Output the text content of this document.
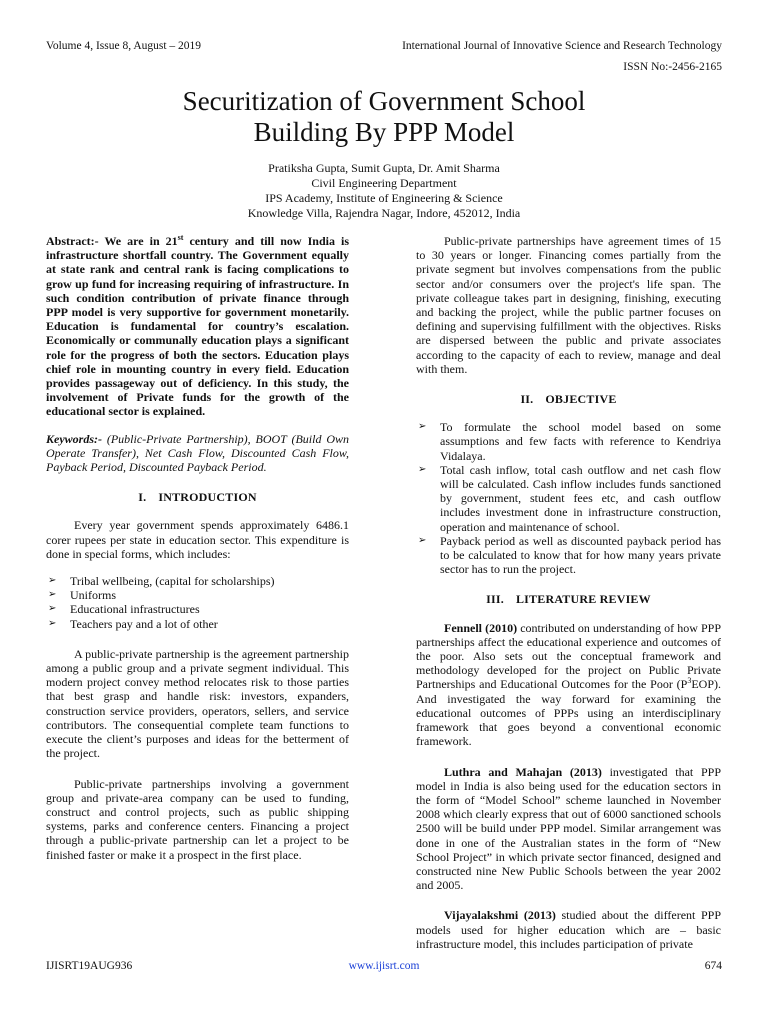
Volume 4, Issue 8, August – 2019	International Journal of Innovative Science and Research Technology
ISSN No:-2456-2165
Securitization of Government School
Building By PPP Model
Pratiksha Gupta, Sumit Gupta, Dr. Amit Sharma
Civil Engineering Department
IPS Academy, Institute of Engineering & Science
Knowledge Villa, Rajendra Nagar, Indore, 452012, India

Abstract:- We are in 21st century and till now India is infrastructure shortfall country. The Government equally at state rank and central rank is facing complications to grow up fund for increasing requiring of infrastructure. In such condition contribution of private finance through PPP model is very supportive for government monetarily. Education is fundamental for country’s escalation. Economically or communally education plays a significant role for the progress of both the sectors. Education plays chief role in mounting country in every field. Education provides passageway out of deficiency. In this study, the involvement of Private funds for the growth of the educational sector is explained.

Keywords:- (Public-Private Partnership), BOOT (Build Own Operate Transfer), Net Cash Flow, Discounted Cash Flow, Payback Period, Discounted Payback Period.

I. INTRODUCTION

Every year government spends approximately 6486.1 corer rupees per state in education sector. This expenditure is done in special forms, which includes:

➢ Tribal wellbeing, (capital for scholarships)
➢ Uniforms
➢ Educational infrastructures
➢ Teachers pay and a lot of other

A public-private partnership is the agreement partnership among a public group and a private segment individual. This modern project convey method relocates risk to those parties that best grasp and handle risk: investors, expanders, construction service providers, operators, sellers, and service contributors. The consequential complete team functions to execute the client’s purposes and ideas for the betterment of the project.

Public-private partnerships involving a government group and private-area company can be used to funding, construct and control projects, such as public shipping systems, parks and conference centers. Financing a project through a public-private partnership can let a project to be finished faster or make it a prospect in the first place.

Public-private partnerships have agreement times of 15 to 30 years or longer. Financing comes partially from the private segment but involves compensations from the public sector and/or consumers over the project's life span. The private colleague takes part in designing, finishing, executing and backing the project, while the public partner focuses on defining and supervising fulfillment with the objectives. Risks are dispersed between the public and private associates according to the capacity of each to review, manage and deal with them.

II. OBJECTIVE
➢ To formulate the school model based on some assumptions and few facts with reference to Kendriya Vidalaya.
➢ Total cash inflow, total cash outflow and net cash flow will be calculated. Cash inflow includes funds sanctioned by government, student fees etc, and cash outflow includes investment done in infrastructure construction, operation and maintenance of school.
➢ Payback period as well as discounted payback period has to be calculated to know that for how many years private sector has to run the project.
III. LITERATURE REVIEW

Fennell (2010) contributed on understanding of how PPP partnerships affect the educational experience and outcomes of the poor. Also sets out the conceptual framework and methodology developed for the project on Public Private Partnerships and Educational Outcomes for the Poor $(P^3EOP)$. And investigated the way forward for examining the educational outcomes of PPPs using an interdisciplinary framework that goes beyond a conventional economic framework.

Luthra and Mahajan (2013) investigated that PPP model in India is also being used for the education sectors in the form of “Model School” scheme launched in November 2008 which clearly express that out of 6000 sanctioned schools 2500 will be build under PPP model. Similar arrangement was done in one of the Australian states in the form of “New School Project” in which private sector financed, designed and constructed nine New Public Schools between the year 2002 and 2005.

Vijayalakshmi (2013) studied about the different PPP models used for higher education which are – basic infrastructure model, this includes participation of private

IJISRT19AUG936	www.ijisrt.com	674
